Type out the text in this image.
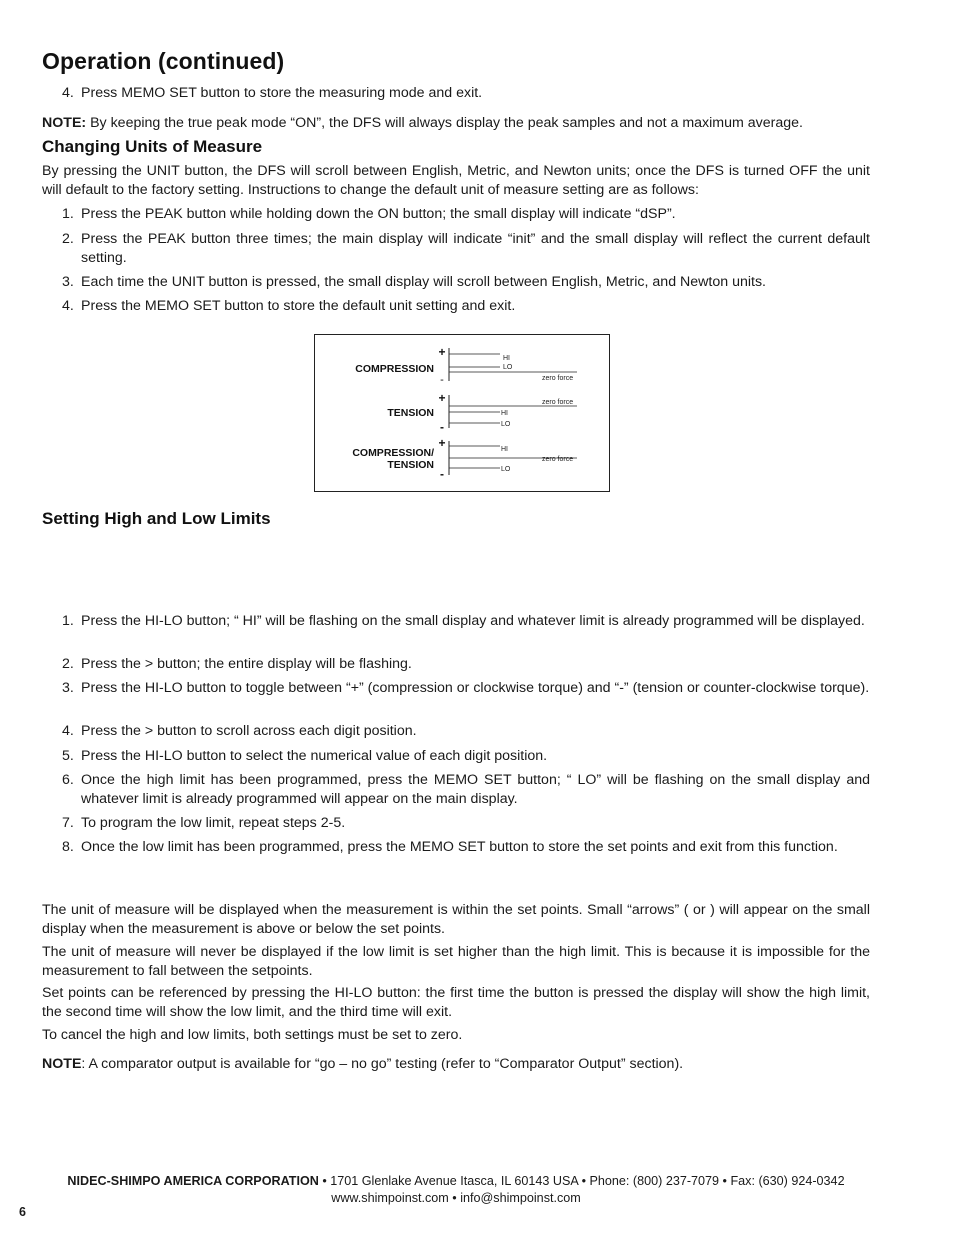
Operation (continued)
4. Press MEMO SET button to store the measuring mode and exit.

NOTE: By keeping the true peak mode “ON”, the DFS will always display the peak samples and not a maximum average.

Changing Units of Measure

By pressing the UNIT button, the DFS will scroll between English, Metric, and Newton units; once the DFS is turned OFF the unit will default to the factory setting. Instructions to change the default unit of measure setting are as follows:

1. Press the PEAK button while holding down the ON button; the small display will indicate “dSP”.
2. Press the PEAK button three times; the main display will indicate “init” and the small display will reflect the current default setting.
3. Each time the UNIT button is pressed, the small display will scroll between English, Metric, and Newton units.
4. Press the MEMO SET button to store the default unit setting and exit.
COMPRESSION
+
-
HI
LO
zero force
TENSION
+
-
zero force
HI
LO
COMPRESSION/
TENSION
+
-
HI
zero force
LO
Setting High and Low Limits
1. Press the HI-LO button; “ HI” will be flashing on the small display and whatever limit is already programmed will be displayed.
2. Press the > button; the entire display will be flashing.
3. Press the HI-LO button to toggle between “+” (compression or clockwise torque) and “-” (tension or counter-clockwise torque).
4. Press the > button to scroll across each digit position.
5. Press the HI-LO button to select the numerical value of each digit position.
6. Once the high limit has been programmed, press the MEMO SET button; “ LO” will be flashing on the small display and whatever limit is already programmed will appear on the main display.
7. To program the low limit, repeat steps 2-5.
8. Once the low limit has been programmed, press the MEMO SET button to store the set points and exit from this function.

The unit of measure will be displayed when the measurement is within the set points. Small “arrows” ( or ) will appear on the small display when the measurement is above or below the set points.

The unit of measure will never be displayed if the low limit is set higher than the high limit. This is because it is impossible for the measurement to fall between the setpoints.

Set points can be referenced by pressing the HI-LO button: the first time the button is pressed the display will show the high limit, the second time will show the low limit, and the third time will exit.

To cancel the high and low limits, both settings must be set to zero.

NOTE: A comparator output is available for “go – no go” testing (refer to “Comparator Output” section).

NIDEC-SHIMPO AMERICA CORPORATION • 1701 Glenlake Avenue Itasca, IL 60143 USA • Phone: (800) 237-7079 • Fax: (630) 924-0342
www.shimpoinst.com • info@shimpoinst.com
6
